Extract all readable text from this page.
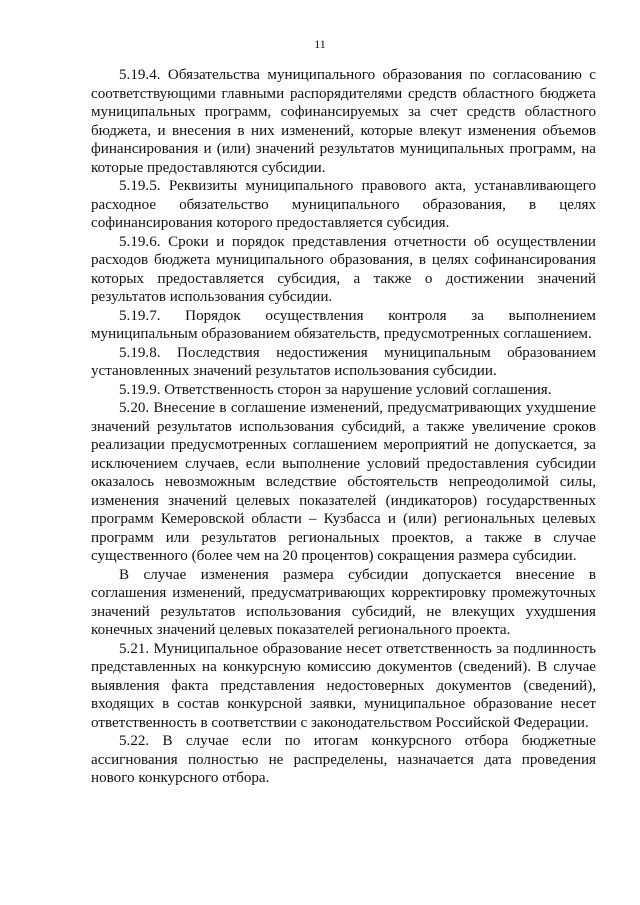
11

5.19.4. Обязательства муниципального образования по согласованию с соответствующими главными распорядителями средств областного бюджета муниципальных программ, софинансируемых за счет средств областного бюджета, и внесения в них изменений, которые влекут изменения объемов финансирования и (или) значений результатов муниципальных программ, на которые предоставляются субсидии.

5.19.5. Реквизиты муниципального правового акта, устанавливающего расходное обязательство муниципального образования, в целях софинансирования которого предоставляется субсидия.

5.19.6. Сроки и порядок представления отчетности об осуществлении расходов бюджета муниципального образования, в целях софинансирования которых предоставляется субсидия, а также о достижении значений результатов использования субсидии.

5.19.7. Порядок осуществления контроля за выполнением муниципальным образованием обязательств, предусмотренных соглашением.

5.19.8. Последствия недостижения муниципальным образованием установленных значений результатов использования субсидии.

5.19.9. Ответственность сторон за нарушение условий соглашения.

5.20. Внесение в соглашение изменений, предусматривающих ухудшение значений результатов использования субсидий, а также увеличение сроков реализации предусмотренных соглашением мероприятий не допускается, за исключением случаев, если выполнение условий предоставления субсидии оказалось невозможным вследствие обстоятельств непреодолимой силы, изменения значений целевых показателей (индикаторов) государственных программ Кемеровской области – Кузбасса и (или) региональных целевых программ или результатов региональных проектов, а также в случае существенного (более чем на 20 процентов) сокращения размера субсидии.

В случае изменения размера субсидии допускается внесение в соглашения изменений, предусматривающих корректировку промежуточных значений результатов использования субсидий, не влекущих ухудшения конечных значений целевых показателей регионального проекта.

5.21. Муниципальное образование несет ответственность за подлинность представленных на конкурсную комиссию документов (сведений). В случае выявления факта представления недостоверных документов (сведений), входящих в состав конкурсной заявки, муниципальное образование несет ответственность в соответствии с законодательством Российской Федерации.

5.22. В случае если по итогам конкурсного отбора бюджетные ассигнования полностью не распределены, назначается дата проведения нового конкурсного отбора.
